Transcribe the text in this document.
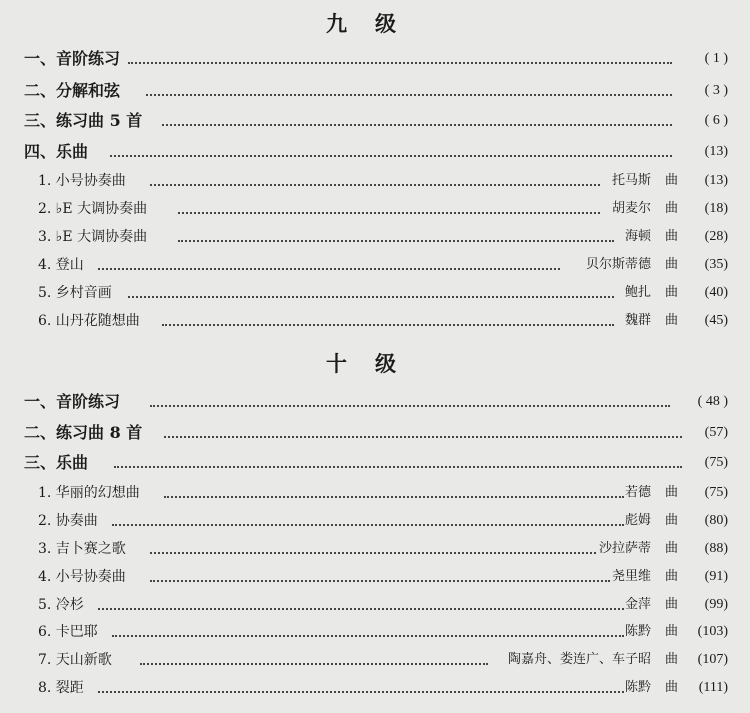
九级
一、音阶练习	( 1 )
二、分解和弦	( 3 )
三、练习曲 5 首	( 6 )
四、乐曲	(13)
1. 小号协奏曲	托马斯 曲 (13)
2. ♭E 大调协奏曲	胡麦尔 曲 (18)
3. ♭E 大调协奏曲	海顿 曲 (28)
4. 登山	贝尔斯蒂德 曲 (35)
5. 乡村音画	鲍扎 曲 (40)
6. 山丹花随想曲	魏群 曲 (45)
十级
一、音阶练习	( 48 )
二、练习曲 8 首	(57)
三、乐曲	(75)
1. 华丽的幻想曲	若德 曲 (75)
2. 协奏曲	彪姆 曲 (80)
3. 吉卜赛之歌	沙拉萨蒂 曲 (88)
4. 小号协奏曲	尧里维 曲 (91)
5. 冷杉	金萍 曲 (99)
6. 卡巴耶	陈黔 曲 (103)
7. 天山新歌	陶嘉舟、娄连广、车子昭 曲 (107)
8. 裂距	陈黔 曲 (111)
